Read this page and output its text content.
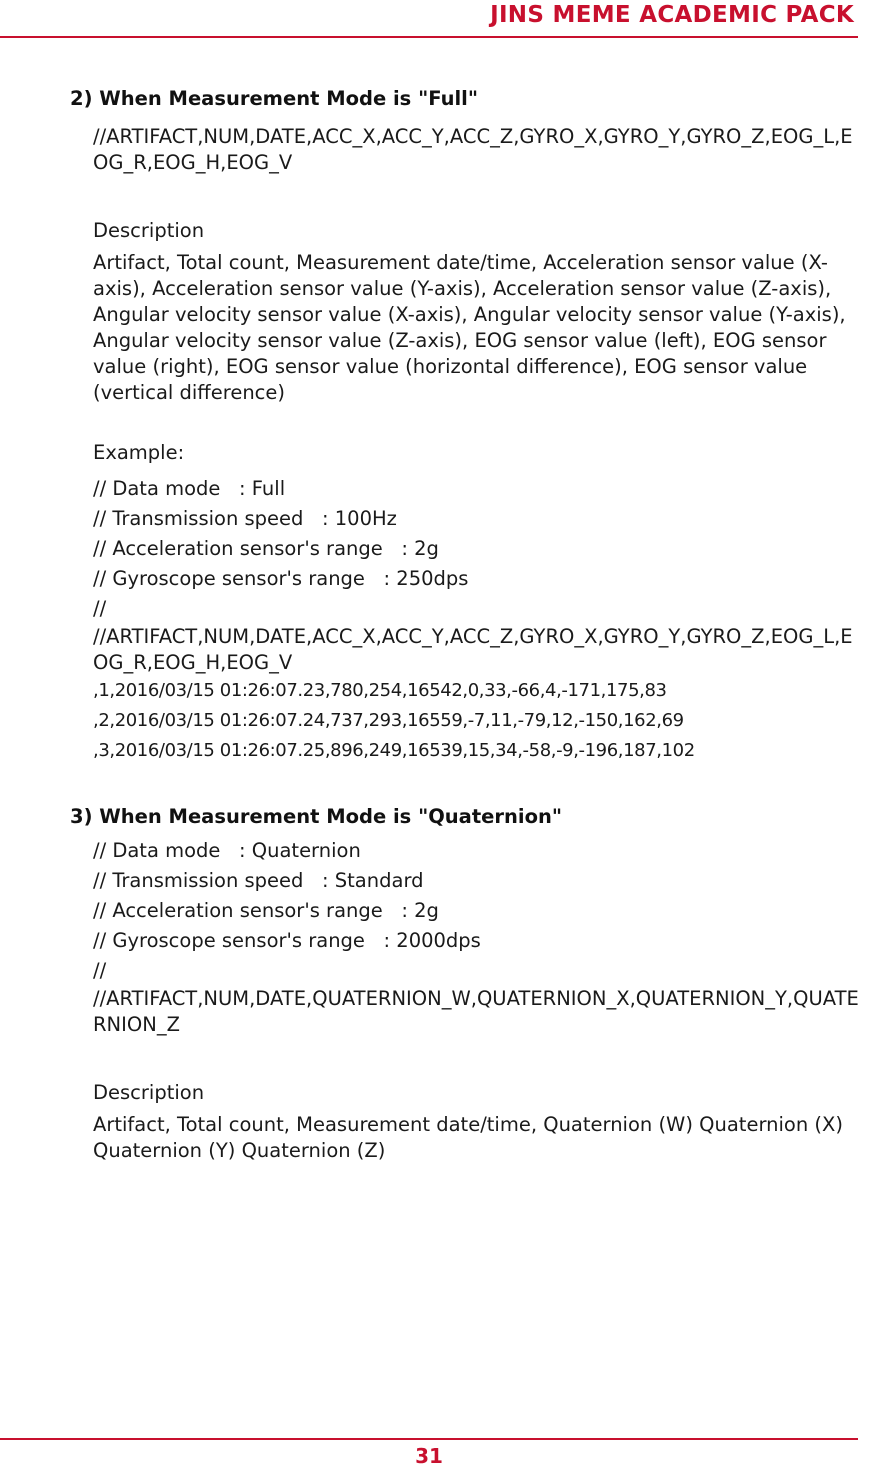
JINS MEME ACADEMIC PACK
2) When Measurement Mode is "Full"

//ARTIFACT,NUM,DATE,ACC_X,ACC_Y,ACC_Z,GYRO_X,GYRO_Y,GYRO_Z,EOG_L,EOG_R,EOG_H,EOG_V

Description

Artifact, Total count, Measurement date/time, Acceleration sensor value (X-axis), Acceleration sensor value (Y-axis), Acceleration sensor value (Z-axis), Angular velocity sensor value (X-axis), Angular velocity sensor value (Y-axis), Angular velocity sensor value (Z-axis), EOG sensor value (left), EOG sensor value (right), EOG sensor value (horizontal difference), EOG sensor value (vertical difference)

Example:
// Data mode   : Full
// Transmission speed   : 100Hz
// Acceleration sensor's range   : 2g
// Gyroscope sensor's range   : 250dps
//

//ARTIFACT,NUM,DATE,ACC_X,ACC_Y,ACC_Z,GYRO_X,GYRO_Y,GYRO_Z,EOG_L,EOG_R,EOG_H,EOG_V

,1,2016/03/15 01:26:07.23,780,254,16542,0,33,-66,4,-171,175,83
,2,2016/03/15 01:26:07.24,737,293,16559,-7,11,-79,12,-150,162,69
,3,2016/03/15 01:26:07.25,896,249,16539,15,34,-58,-9,-196,187,102
3) When Measurement Mode is "Quaternion"
// Data mode   : Quaternion
// Transmission speed   : Standard
// Acceleration sensor's range   : 2g
// Gyroscope sensor's range   : 2000dps
//

//ARTIFACT,NUM,DATE,QUATERNION_W,QUATERNION_X,QUATERNION_Y,QUATERNION_Z

Description

Artifact, Total count, Measurement date/time, Quaternion (W) Quaternion (X) Quaternion (Y) Quaternion (Z)

31
